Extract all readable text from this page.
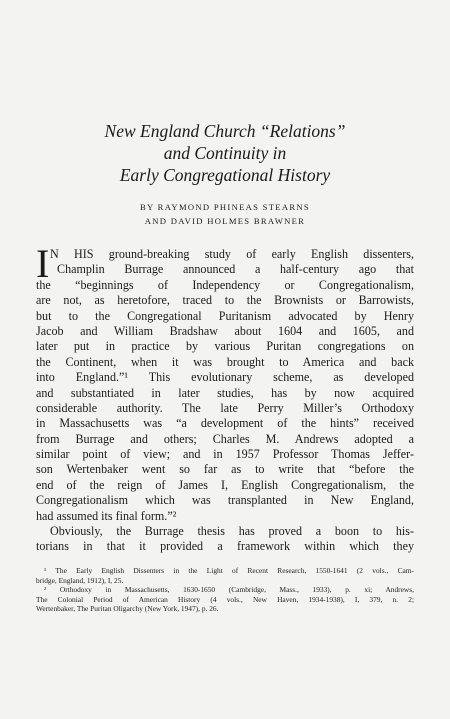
New England Church “Relations”
and Continuity in
Early Congregational History
BY RAYMOND PHINEAS STEARNS
AND DAVID HOLMES BRAWNER
I N HIS ground-breaking study of early English dissenters,
Champlin Burrage announced a half-century ago that
the “beginnings of Independency or Congregationalism,
are not, as heretofore, traced to the Brownists or Barrowists,
but to the Congregational Puritanism advocated by Henry
Jacob and William Bradshaw about 1604 and 1605, and
later put in practice by various Puritan congregations on
the Continent, when it was brought to America and back
into England.”¹ This evolutionary scheme, as developed
and substantiated in later studies, has by now acquired
considerable authority. The late Perry Miller’s Orthodoxy
in Massachusetts was “a development of the hints” received
from Burrage and others; Charles M. Andrews adopted a
similar point of view; and in 1957 Professor Thomas Jeffer-
son Wertenbaker went so far as to write that “before the
end of the reign of James I, English Congregationalism, the
Congregationalism which was transplanted in New England,
had assumed its final form.”²
Obviously, the Burrage thesis has proved a boon to his-
torians in that it provided a framework within which they
¹ The Early English Dissenters in the Light of Recent Research, 1550-1641 (2 vols., Cam-
bridge, England, 1912), I, 25.
² Orthodoxy in Massachusetts, 1630-1650 (Cambridge, Mass., 1933), p. xi; Andrews,
The Colonial Period of American History (4 vols., New Haven, 1934-1938), I, 379, n. 2;
Wertenbaker, The Puritan Oligarchy (New York, 1947), p. 26.
